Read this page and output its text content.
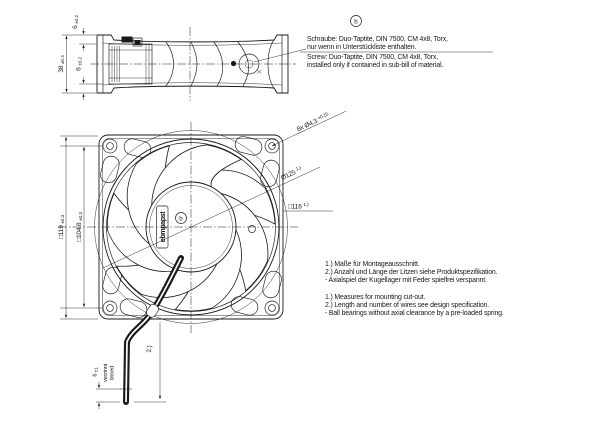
38 ±0.4
6 ±0.2
6 ±0.2
b
Schraube: Duo-Taptite, DIN 7500, CM 4x8, Torx,
nur wenn in Unterstückliste enthalten.
Screw: Duo-Taptite, DIN 7500, CM 4x8, Torx,
installed only if contained in sub-bill of material.
ebmpapst b
□119 ±0.3
□104.8 ±0.3
8x Ø4.3 $^{+0.15}$
Ø125 $^{1.)}$
□116 $^{1.)}$
2.)
6 ±1 verzinnt tinned
1.) Maße für Montageausschnitt.
2.) Anzahl und Länge der Litzen siehe Produktspezifikation.
- Axialspiel der Kugellager mit Feder spielfrei verspannt.
1.) Measures for mounting cut-out.
2.) Length and number of wires see design specification.
- Ball bearings without axial clearance by a pre-loaded spring.
